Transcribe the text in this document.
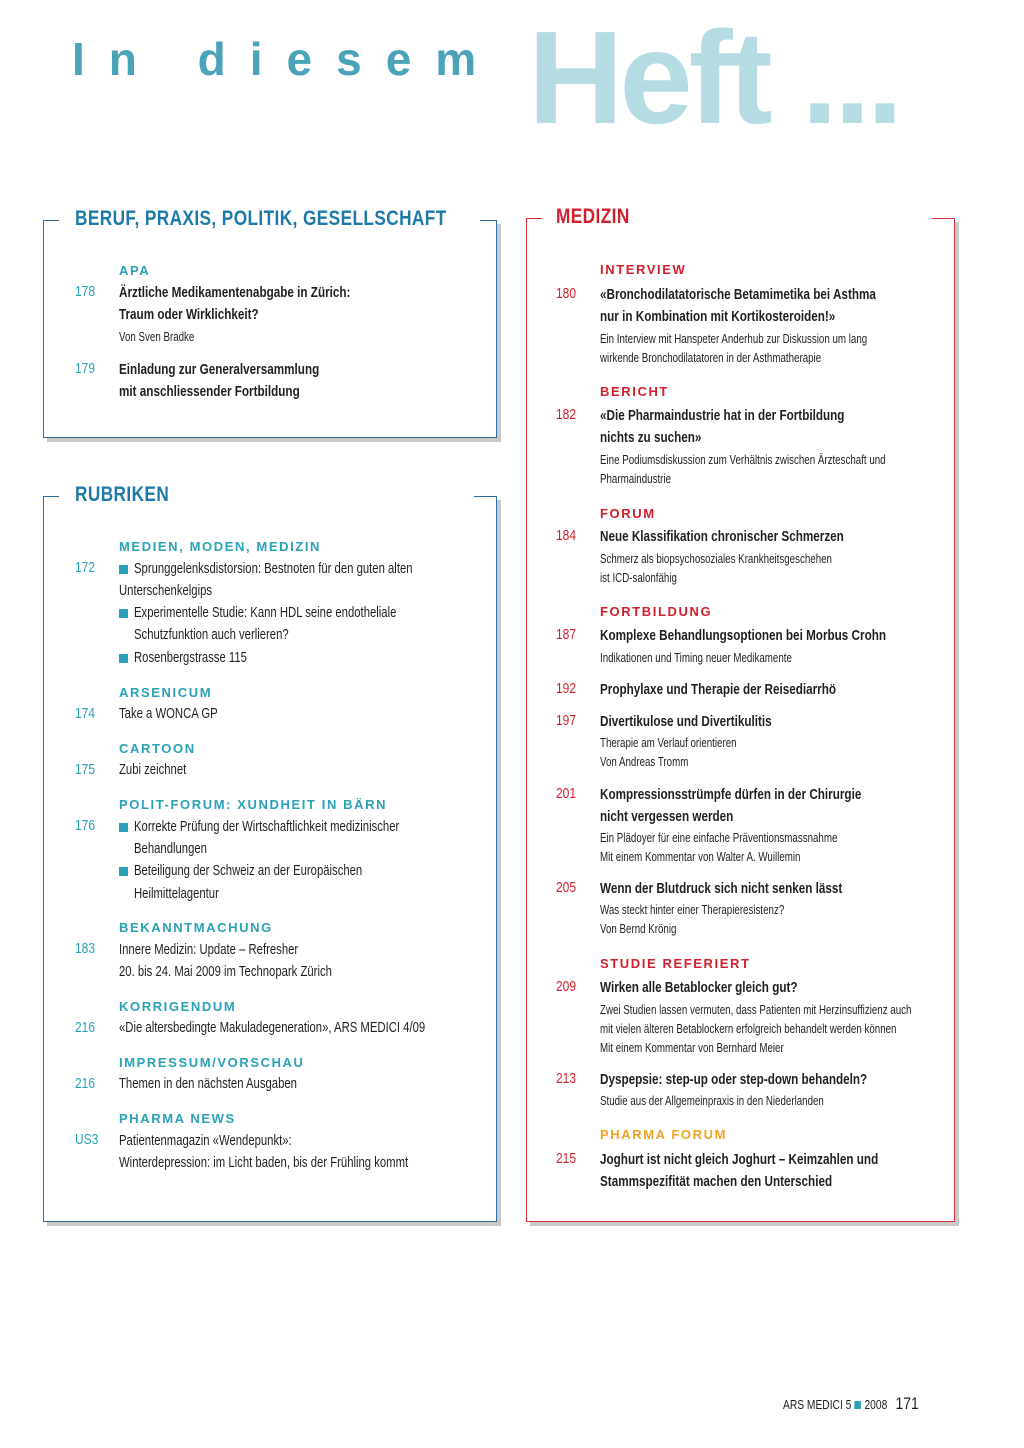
In diesem Heft ...
BERUF, PRAXIS, POLITIK, GESELLSCHAFT
APA
178 Ärztliche Medikamentenabgabe in Zürich:
Traum oder Wirklichkeit?
Von Sven Bradke
179 Einladung zur Generalversammlung
mit anschliessender Fortbildung
RUBRIKEN
MEDIEN, MODEN, MEDIZIN
172	Sprunggelenksdistorsion: Bestnoten für den guten alten
Unterschenkelgips
Experimentelle Studie: Kann HDL seine endotheliale
Schutzfunktion auch verlieren?
Rosenbergstrasse 115
ARSENICUM
174 Take a WONCA GP
CARTOON
175 Zubi zeichnet
POLIT-FORUM: XUNDHEIT IN BÄRN
176	Korrekte Prüfung der Wirtschaftlichkeit medizinischer
Behandlungen
Beteiligung der Schweiz an der Europäischen
Heilmittelagentur
BEKANNTMACHUNG
183 Innere Medizin: Update – Refresher
20. bis 24. Mai 2009 im Technopark Zürich
KORRIGENDUM
216 «Die altersbedingte Makuladegeneration», ARS MEDICI 4/09
IMPRESSUM/VORSCHAU
216 Themen in den nächsten Ausgaben
PHARMA NEWS
US3 Patientenmagazin «Wendepunkt»:
Winterdepression: im Licht baden, bis der Frühling kommt
MEDIZIN
INTERVIEW
180 «Bronchodilatatorische Betamimetika bei Asthma
nur in Kombination mit Kortikosteroiden!»
Ein Interview mit Hanspeter Anderhub zur Diskussion um lang
wirkende Bronchodilatatoren in der Asthmatherapie
BERICHT
182 «Die Pharmaindustrie hat in der Fortbildung
nichts zu suchen»
Eine Podiumsdiskussion zum Verhältnis zwischen Ärzteschaft und
Pharmaindustrie
FORUM
184 Neue Klassifikation chronischer Schmerzen
Schmerz als biopsychosoziales Krankheitsgeschehen
ist ICD-salonfähig
FORTBILDUNG
187 Komplexe Behandlungsoptionen bei Morbus Crohn
Indikationen und Timing neuer Medikamente
192 Prophylaxe und Therapie der Reisediarrhö
197 Divertikulose und Divertikulitis
Therapie am Verlauf orientieren
Von Andreas Tromm
201 Kompressionsstrümpfe dürfen in der Chirurgie
nicht vergessen werden
Ein Plädoyer für eine einfache Präventionsmassnahme
Mit einem Kommentar von Walter A. Wuillemin
205 Wenn der Blutdruck sich nicht senken lässt
Was steckt hinter einer Therapieresistenz?
Von Bernd Krönig
STUDIE REFERIERT
209 Wirken alle Betablocker gleich gut?
Zwei Studien lassen vermuten, dass Patienten mit Herzinsuffizienz auch
mit vielen älteren Betablockern erfolgreich behandelt werden können
Mit einem Kommentar von Bernhard Meier
213 Dyspepsie: step-up oder step-down behandeln?
Studie aus der Allgemeinpraxis in den Niederlanden
PHARMA FORUM
215 Joghurt ist nicht gleich Joghurt – Keimzahlen und
Stammspezifität machen den Unterschied
ARS MEDICI 5 2008 171
